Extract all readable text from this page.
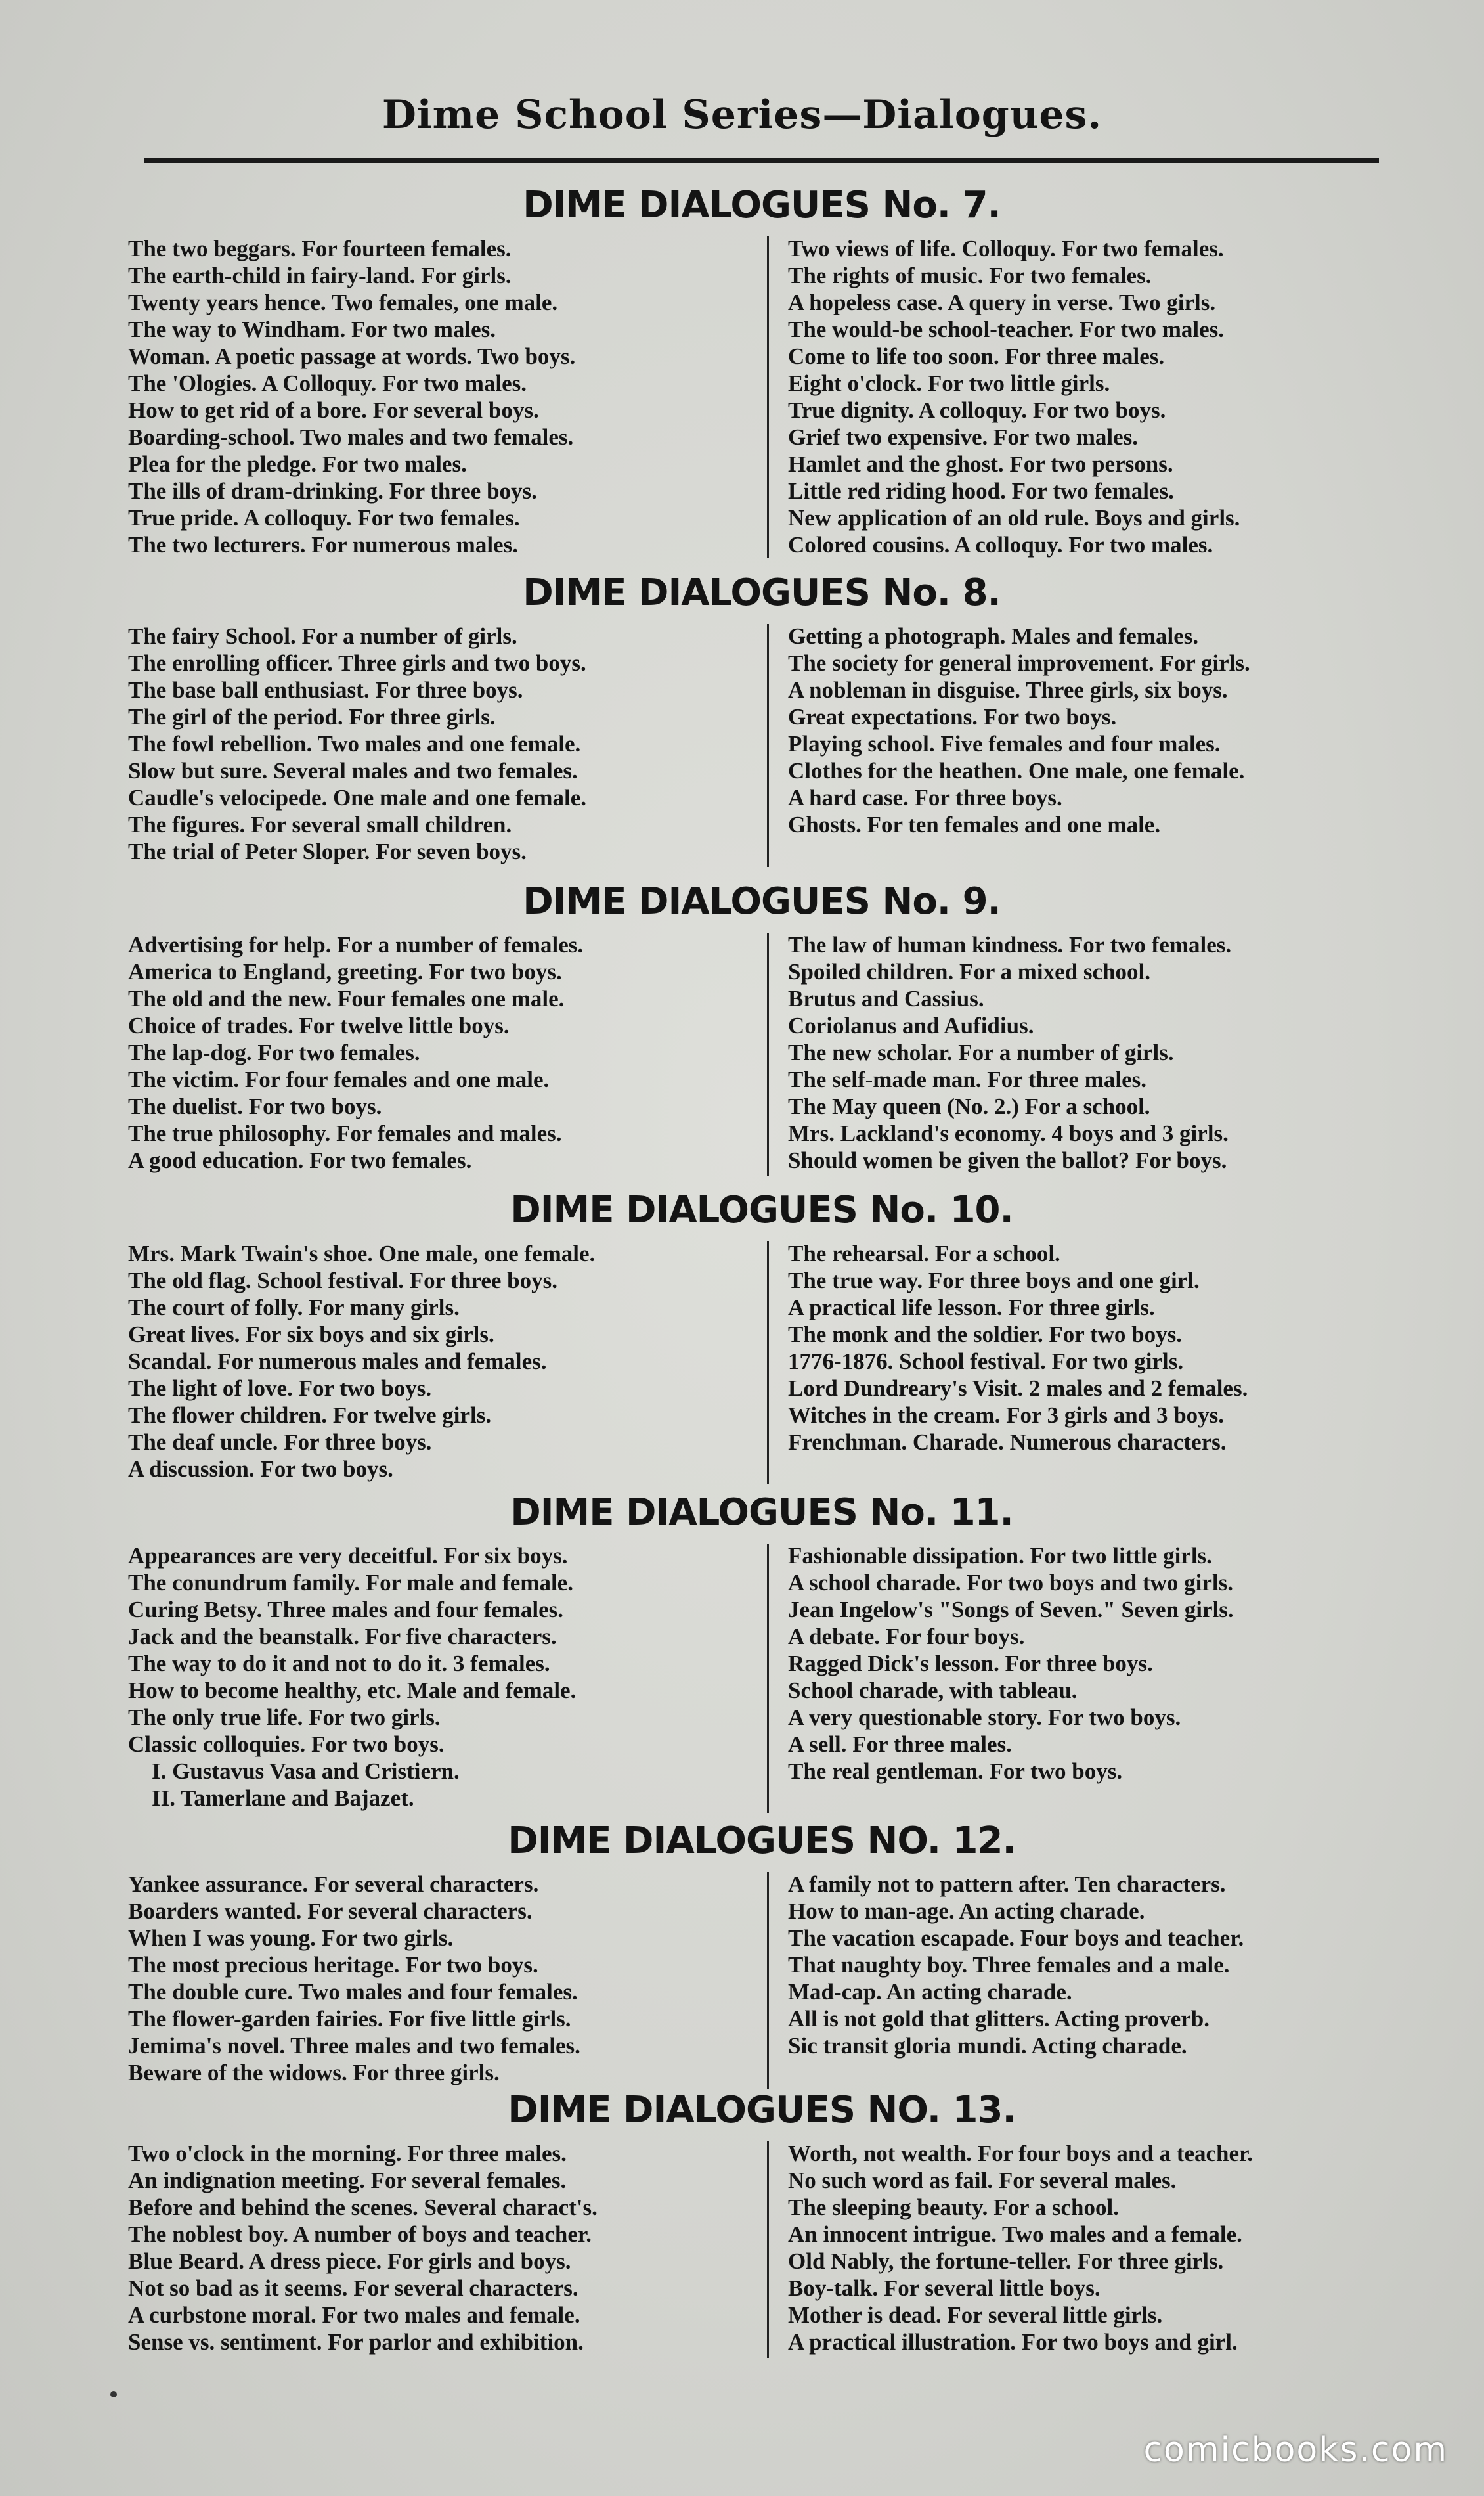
Dime School Series—Dialogues.
DIME DIALOGUES No. 7.
The two beggars. For fourteen females.
The earth-child in fairy-land. For girls.
Twenty years hence. Two females, one male.
The way to Windham. For two males.
Woman. A poetic passage at words. Two boys.
The 'Ologies. A Colloquy. For two males.
How to get rid of a bore. For several boys.
Boarding-school. Two males and two females.
Plea for the pledge. For two males.
The ills of dram-drinking. For three boys.
True pride. A colloquy. For two females.
The two lecturers. For numerous males.
Two views of life. Colloquy. For two females.
The rights of music. For two females.
A hopeless case. A query in verse. Two girls.
The would-be school-teacher. For two males.
Come to life too soon. For three males.
Eight o'clock. For two little girls.
True dignity. A colloquy. For two boys.
Grief two expensive. For two males.
Hamlet and the ghost. For two persons.
Little red riding hood. For two females.
New application of an old rule. Boys and girls.
Colored cousins. A colloquy. For two males.
DIME DIALOGUES No. 8.
The fairy School. For a number of girls.
The enrolling officer. Three girls and two boys.
The base ball enthusiast. For three boys.
The girl of the period. For three girls.
The fowl rebellion. Two males and one female.
Slow but sure. Several males and two females.
Caudle's velocipede. One male and one female.
The figures. For several small children.
The trial of Peter Sloper. For seven boys.
Getting a photograph. Males and females.
The society for general improvement. For girls.
A nobleman in disguise. Three girls, six boys.
Great expectations. For two boys.
Playing school. Five females and four males.
Clothes for the heathen. One male, one female.
A hard case. For three boys.
Ghosts. For ten females and one male.
DIME DIALOGUES No. 9.
Advertising for help. For a number of females.
America to England, greeting. For two boys.
The old and the new. Four females one male.
Choice of trades. For twelve little boys.
The lap-dog. For two females.
The victim. For four females and one male.
The duelist. For two boys.
The true philosophy. For females and males.
A good education. For two females.
The law of human kindness. For two females.
Spoiled children. For a mixed school.
Brutus and Cassius.
Coriolanus and Aufidius.
The new scholar. For a number of girls.
The self-made man. For three males.
The May queen (No. 2.) For a school.
Mrs. Lackland's economy. 4 boys and 3 girls.
Should women be given the ballot? For boys.
DIME DIALOGUES No. 10.
Mrs. Mark Twain's shoe. One male, one female.
The old flag. School festival. For three boys.
The court of folly. For many girls.
Great lives. For six boys and six girls.
Scandal. For numerous males and females.
The light of love. For two boys.
The flower children. For twelve girls.
The deaf uncle. For three boys.
A discussion. For two boys.
The rehearsal. For a school.
The true way. For three boys and one girl.
A practical life lesson. For three girls.
The monk and the soldier. For two boys.
1776-1876. School festival. For two girls.
Lord Dundreary's Visit. 2 males and 2 females.
Witches in the cream. For 3 girls and 3 boys.
Frenchman. Charade. Numerous characters.
DIME DIALOGUES No. 11.
Appearances are very deceitful. For six boys.
The conundrum family. For male and female.
Curing Betsy. Three males and four females.
Jack and the beanstalk. For five characters.
The way to do it and not to do it. 3 females.
How to become healthy, etc. Male and female.
The only true life. For two girls.
Classic colloquies. For two boys.
I. Gustavus Vasa and Cristiern.
II. Tamerlane and Bajazet.
Fashionable dissipation. For two little girls.
A school charade. For two boys and two girls.
Jean Ingelow's "Songs of Seven." Seven girls.
A debate. For four boys.
Ragged Dick's lesson. For three boys.
School charade, with tableau.
A very questionable story. For two boys.
A sell. For three males.
The real gentleman. For two boys.
DIME DIALOGUES NO. 12.
Yankee assurance. For several characters.
Boarders wanted. For several characters.
When I was young. For two girls.
The most precious heritage. For two boys.
The double cure. Two males and four females.
The flower-garden fairies. For five little girls.
Jemima's novel. Three males and two females.
Beware of the widows. For three girls.
A family not to pattern after. Ten characters.
How to man-age. An acting charade.
The vacation escapade. Four boys and teacher.
That naughty boy. Three females and a male.
Mad-cap. An acting charade.
All is not gold that glitters. Acting proverb.
Sic transit gloria mundi. Acting charade.
DIME DIALOGUES NO. 13.
Two o'clock in the morning. For three males.
An indignation meeting. For several females.
Before and behind the scenes. Several charact's.
The noblest boy. A number of boys and teacher.
Blue Beard. A dress piece. For girls and boys.
Not so bad as it seems. For several characters.
A curbstone moral. For two males and female.
Sense vs. sentiment. For parlor and exhibition.
Worth, not wealth. For four boys and a teacher.
No such word as fail. For several males.
The sleeping beauty. For a school.
An innocent intrigue. Two males and a female.
Old Nably, the fortune-teller. For three girls.
Boy-talk. For several little boys.
Mother is dead. For several little girls.
A practical illustration. For two boys and girl.
comicbooks.com
